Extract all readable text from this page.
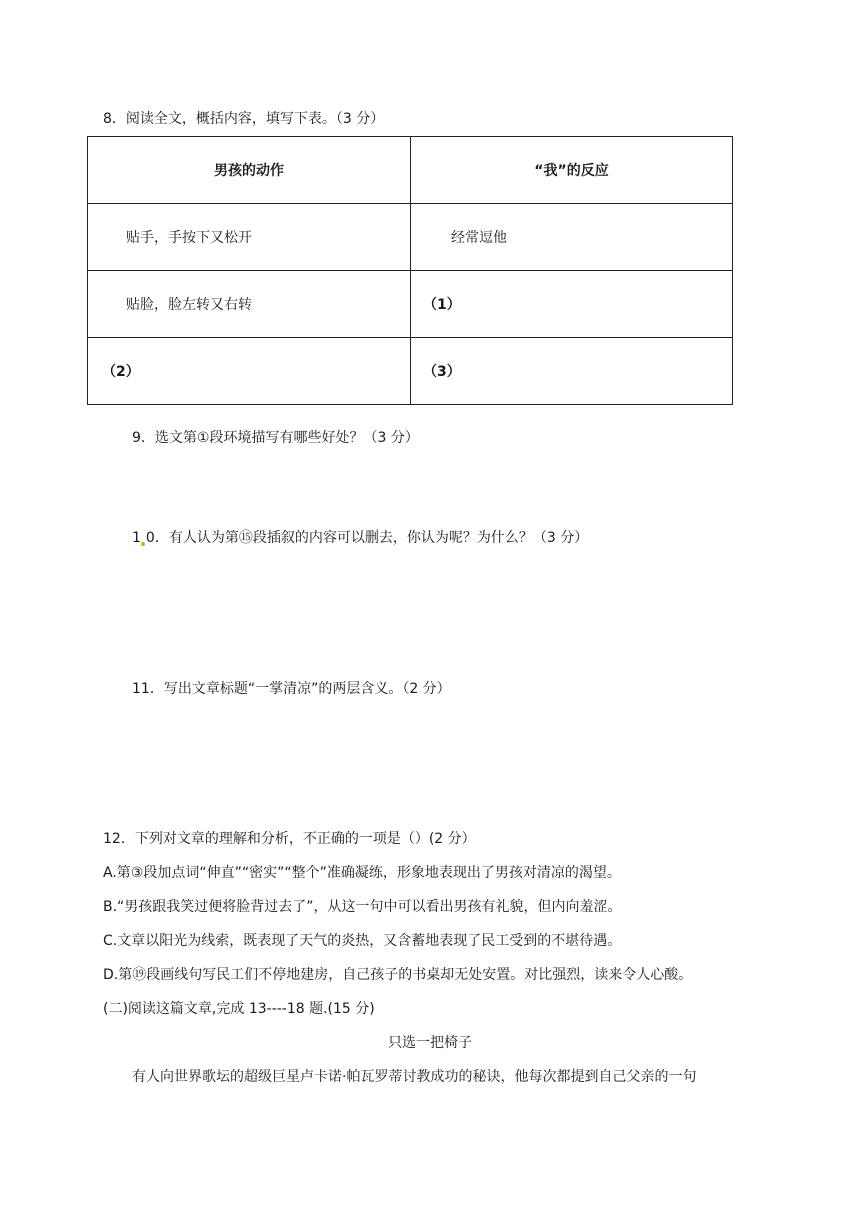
8．阅读全文，概括内容，填写下表。（3 分）
男孩的动作	“我”的反应
贴手，手按下又松开	经常逗他
贴脸，脸左转又右转	（1）
（2）	（3）
9．选文第①段环境描写有哪些好处？（3 分）
1 0．有人认为第⑮段插叙的内容可以删去，你认为呢？为什么？（3 分）
11．写出文章标题“一掌清凉”的两层含义。（2 分）
12．下列对文章的理解和分析，不正确的一项是（）(2 分）
A.第③段加点词“伸直”“密实”“整个”准确凝练，形象地表现出了男孩对清凉的渴望。
B.“男孩跟我笑过便将脸背过去了”，从这一句中可以看出男孩有礼貌，但内向羞涩。
C.文章以阳光为线索，既表现了天气的炎热，又含蓄地表现了民工受到的不堪待遇。
D.第⑲段画线句写民工们不停地建房，自己孩子的书桌却无处安置。对比强烈，读来令人心酸。
(二)阅读这篇文章,完成 13----18 题.(15 分)
只选一把椅子
有人向世界歌坛的超级巨星卢卡诺·帕瓦罗蒂讨教成功的秘诀，他每次都提到自己父亲的一句
